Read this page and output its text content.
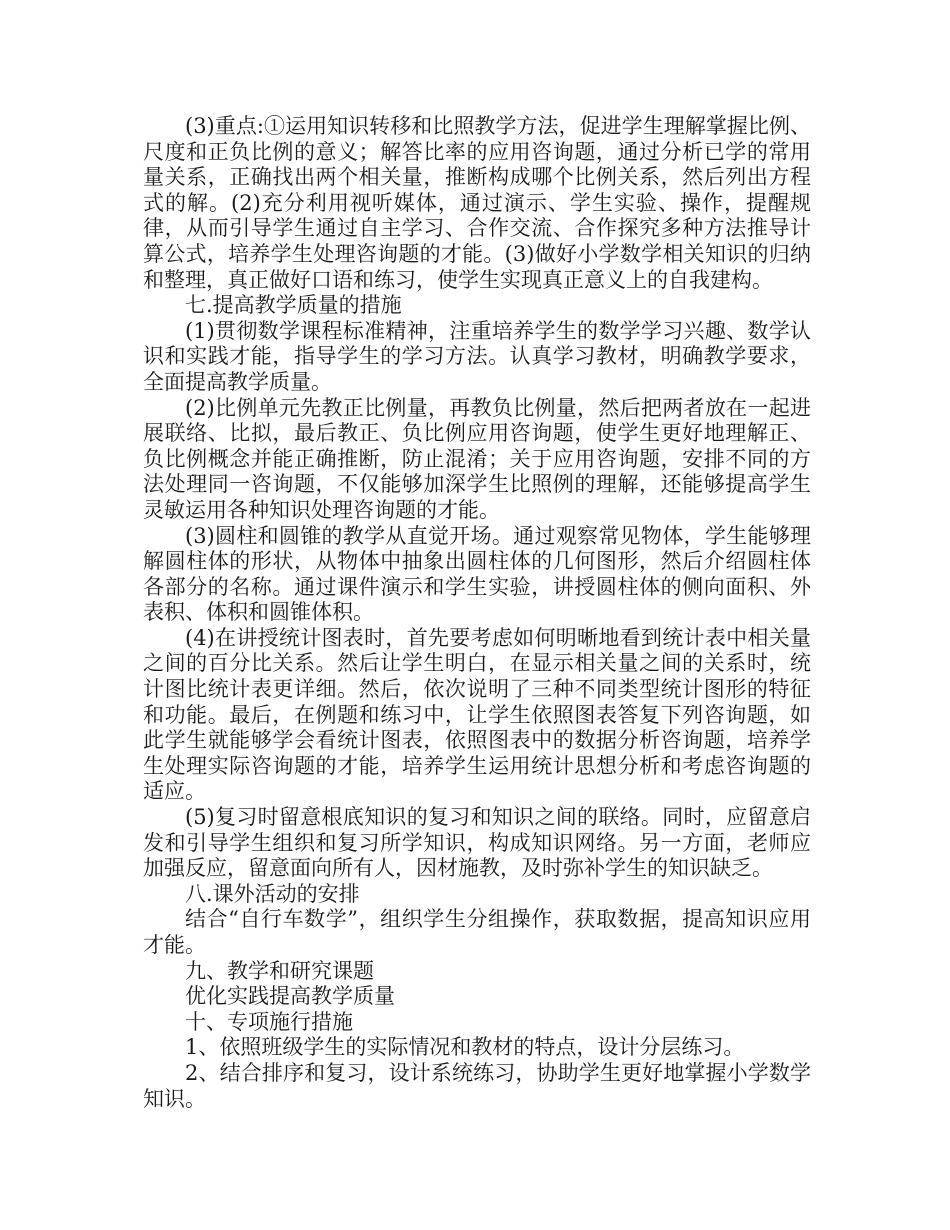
(3)重点:①运用知识转移和比照教学方法，促进学生理解掌握比例、尺度和正负比例的意义；解答比率的应用咨询题，通过分析已学的常用量关系，正确找出两个相关量，推断构成哪个比例关系，然后列出方程式的解。(2)充分利用视听媒体，通过演示、学生实验、操作，提醒规律，从而引导学生通过自主学习、合作交流、合作探究多种方法推导计算公式，培养学生处理咨询题的才能。(3)做好小学数学相关知识的归纳和整理，真正做好口语和练习，使学生实现真正意义上的自我建构。

七.提高教学质量的措施

(1)贯彻数学课程标准精神，注重培养学生的数学学习兴趣、数学认识和实践才能，指导学生的学习方法。认真学习教材，明确教学要求，全面提高教学质量。

(2)比例单元先教正比例量，再教负比例量，然后把两者放在一起进展联络、比拟，最后教正、负比例应用咨询题，使学生更好地理解正、负比例概念并能正确推断，防止混淆；关于应用咨询题，安排不同的方法处理同一咨询题，不仅能够加深学生比照例的理解，还能够提高学生灵敏运用各种知识处理咨询题的才能。

(3)圆柱和圆锥的教学从直觉开场。通过观察常见物体，学生能够理解圆柱体的形状，从物体中抽象出圆柱体的几何图形，然后介绍圆柱体各部分的名称。通过课件演示和学生实验，讲授圆柱体的侧向面积、外表积、体积和圆锥体积。

(4)在讲授统计图表时，首先要考虑如何明晰地看到统计表中相关量之间的百分比关系。然后让学生明白，在显示相关量之间的关系时，统计图比统计表更详细。然后，依次说明了三种不同类型统计图形的特征和功能。最后，在例题和练习中，让学生依照图表答复下列咨询题，如此学生就能够学会看统计图表，依照图表中的数据分析咨询题，培养学生处理实际咨询题的才能，培养学生运用统计思想分析和考虑咨询题的适应。

(5)复习时留意根底知识的复习和知识之间的联络。同时，应留意启发和引导学生组织和复习所学知识，构成知识网络。另一方面，老师应加强反应，留意面向所有人，因材施教，及时弥补学生的知识缺乏。

八.课外活动的安排

结合“自行车数学”，组织学生分组操作，获取数据，提高知识应用才能。

九、教学和研究课题

优化实践提高教学质量

十、专项施行措施

1、依照班级学生的实际情况和教材的特点，设计分层练习。

2、结合排序和复习，设计系统练习，协助学生更好地掌握小学数学知识。
